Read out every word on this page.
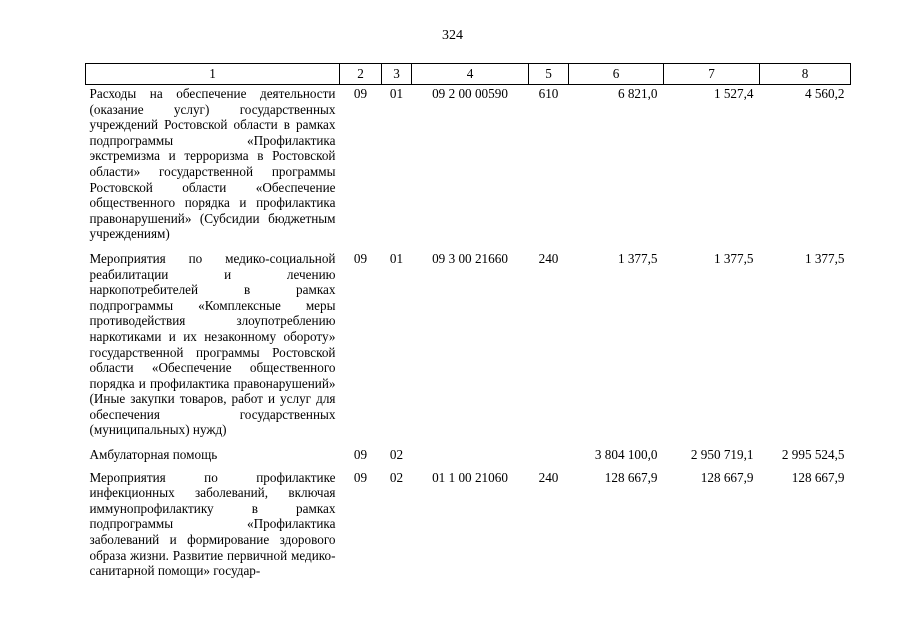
324
1	2	3	4	5	6	7	8
Расходы на обеспечение деятельности (оказание услуг) государственных учреждений Ростовской области в рамках подпрограммы «Профилактика экстремизма и терроризма в Ростовской области» государственной программы Ростовской области «Обеспечение общественного порядка и профилактика правонарушений» (Субсидии бюджетным учреждениям)	09	01	09 2 00 00590	610	6 821,0	1 527,4	4 560,2
Мероприятия по медико-социальной реабилитации и лечению наркопотребителей в рамках подпрограммы «Комплексные меры противодействия злоупотреблению наркотиками и их незаконному обороту» государственной программы Ростовской области «Обеспечение общественного порядка и профилактика правонарушений» (Иные закупки товаров, работ и услуг для обеспечения государственных (муниципальных) нужд)	09	01	09 3 00 21660	240	1 377,5	1 377,5	1 377,5
Амбулаторная помощь	09	02			3 804 100,0	2 950 719,1	2 995 524,5
Мероприятия по профилактике инфекционных заболеваний, включая иммунопрофилактику в рамках подпрограммы «Профилактика заболеваний и формирование здорового образа жизни. Развитие первичной медико-санитарной помощи» государ-	09	02	01 1 00 21060	240	128 667,9	128 667,9	128 667,9
